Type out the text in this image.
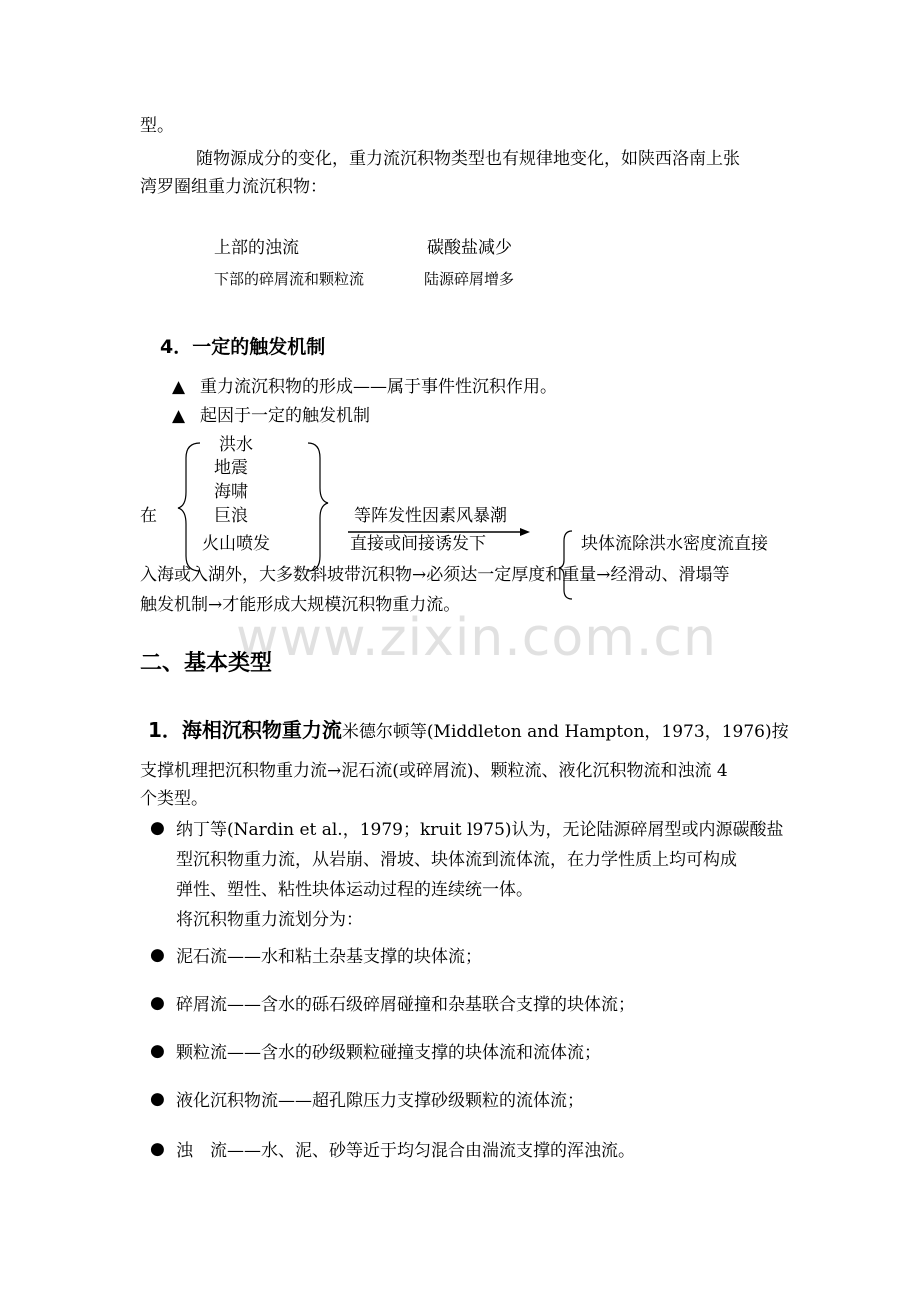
型。
随物源成分的变化，重力流沉积物类型也有规律地变化，如陕西洛南上张
湾罗圈组重力流沉积物：
上部的浊流	碳酸盐减少
下部的碎屑流和颗粒流	陆源碎屑增多
4．一定的触发机制
▲ 重力流沉积物的形成——属于事件性沉积作用。
▲ 起因于一定的触发机制
在
洪水
地震
海啸
巨浪
火山喷发
等阵发性因素风暴潮
直接或间接诱发下	块体流除洪水密度流直接
入海或入湖外，大多数斜坡带沉积物→必须达一定厚度和重量→经滑动、滑塌等
触发机制→才能形成大规模沉积物重力流。
www.zixin.com.cn
二、基本类型
1．海相沉积物重力流米德尔顿等(Middleton and Hampton，1973，1976)按
支撑机理把沉积物重力流→泥石流(或碎屑流)、颗粒流、液化沉积物流和浊流 4
个类型。
● 纳丁等(Nardin et al.，1979；kruit l975)认为，无论陆源碎屑型或内源碳酸盐
型沉积物重力流，从岩崩、滑坡、块体流到流体流，在力学性质上均可构成
弹性、塑性、粘性块体运动过程的连续统一体。
将沉积物重力流划分为：
● 泥石流——水和粘土杂基支撑的块体流；
● 碎屑流——含水的砾石级碎屑碰撞和杂基联合支撑的块体流；
● 颗粒流——含水的砂级颗粒碰撞支撑的块体流和流体流；
● 液化沉积物流——超孔隙压力支撑砂级颗粒的流体流；
● 浊　流——水、泥、砂等近于均匀混合由湍流支撑的浑浊流。
